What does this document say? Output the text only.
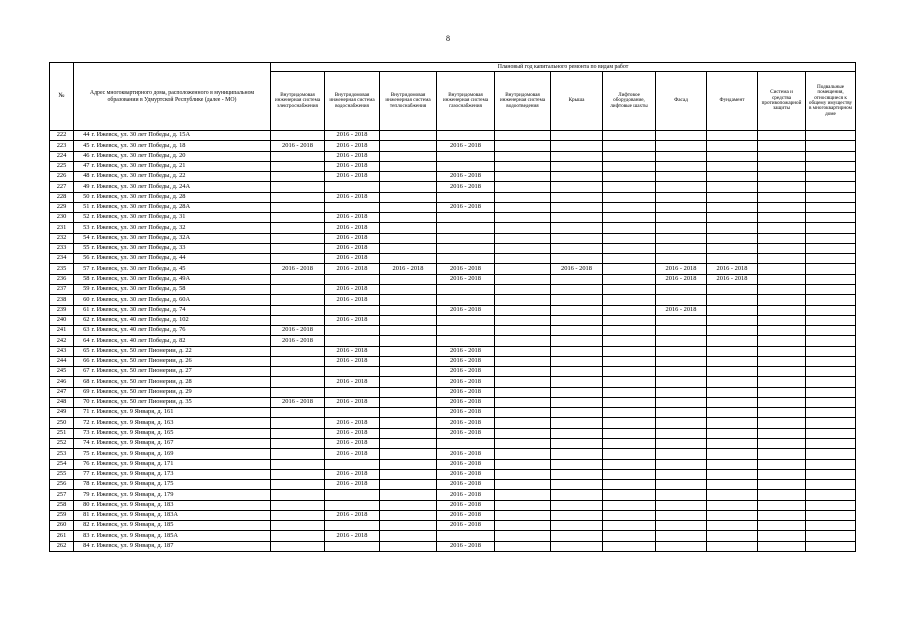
8
№	Адрес многоквартирного дома, расположенного в муниципальном образовании в Удмуртской Республике (далее - МО)		Плановый год капитального ремонта по видам работ										
			Внутридомовая инженерная система электроснабжения	Внутридомовая инженерная система водоснабжения	Внутридомовая инженерная система теплоснабжения	Внутридомовая инженерная система газоснабжения	Внутридомовая инженерная система водоотведения	Крыша	Лифтовое оборудование, лифтовые шахты	Фасад	Фундамент	Система и средства противопожарной защиты	Подвальные помещения, относящиеся к общему имуществу в многоквартирном доме
222	44	г. Ижевск, ул. 30 лет Победы, д. 15А		2016 - 2018									
223	45	г. Ижевск, ул. 30 лет Победы, д. 18	2016 - 2018	2016 - 2018		2016 - 2018							
224	46	г. Ижевск, ул. 30 лет Победы, д. 20		2016 - 2018									
225	47	г. Ижевск, ул. 30 лет Победы, д. 21		2016 - 2018									
226	48	г. Ижевск, ул. 30 лет Победы, д. 22		2016 - 2018		2016 - 2018							
227	49	г. Ижевск, ул. 30 лет Победы, д. 24А				2016 - 2018							
228	50	г. Ижевск, ул. 30 лет Победы, д. 28		2016 - 2018									
229	51	г. Ижевск, ул. 30 лет Победы, д. 28А				2016 - 2018							
230	52	г. Ижевск, ул. 30 лет Победы, д. 31		2016 - 2018									
231	53	г. Ижевск, ул. 30 лет Победы, д. 32		2016 - 2018									
232	54	г. Ижевск, ул. 30 лет Победы, д. 32А		2016 - 2018									
233	55	г. Ижевск, ул. 30 лет Победы, д. 33		2016 - 2018									
234	56	г. Ижевск, ул. 30 лет Победы, д. 44		2016 - 2018									
235	57	г. Ижевск, ул. 30 лет Победы, д. 45	2016 - 2018	2016 - 2018	2016 - 2018	2016 - 2018		2016 - 2018		2016 - 2018	2016 - 2018		
236	58	г. Ижевск, ул. 30 лет Победы, д. 49А				2016 - 2018				2016 - 2018	2016 - 2018		
237	59	г. Ижевск, ул. 30 лет Победы, д. 58		2016 - 2018									
238	60	г. Ижевск, ул. 30 лет Победы, д. 60А		2016 - 2018									
239	61	г. Ижевск, ул. 30 лет Победы, д. 74				2016 - 2018				2016 - 2018			
240	62	г. Ижевск, ул. 40 лет Победы, д. 102		2016 - 2018									
241	63	г. Ижевск, ул. 40 лет Победы, д. 76	2016 - 2018										
242	64	г. Ижевск, ул. 40 лет Победы, д. 82	2016 - 2018										
243	65	г. Ижевск, ул. 50 лет Пионерии, д. 22		2016 - 2018		2016 - 2018							
244	66	г. Ижевск, ул. 50 лет Пионерии, д. 26		2016 - 2018		2016 - 2018							
245	67	г. Ижевск, ул. 50 лет Пионерии, д. 27				2016 - 2018							
246	68	г. Ижевск, ул. 50 лет Пионерии, д. 28		2016 - 2018		2016 - 2018							
247	69	г. Ижевск, ул. 50 лет Пионерии, д. 29				2016 - 2018							
248	70	г. Ижевск, ул. 50 лет Пионерии, д. 35	2016 - 2018	2016 - 2018		2016 - 2018							
249	71	г. Ижевск, ул. 9 Января, д. 161				2016 - 2018							
250	72	г. Ижевск, ул. 9 Января, д. 163		2016 - 2018		2016 - 2018							
251	73	г. Ижевск, ул. 9 Января, д. 165		2016 - 2018		2016 - 2018							
252	74	г. Ижевск, ул. 9 Января, д. 167		2016 - 2018									
253	75	г. Ижевск, ул. 9 Января, д. 169		2016 - 2018		2016 - 2018							
254	76	г. Ижевск, ул. 9 Января, д. 171				2016 - 2018							
255	77	г. Ижевск, ул. 9 Января, д. 173		2016 - 2018		2016 - 2018							
256	78	г. Ижевск, ул. 9 Января, д. 175		2016 - 2018		2016 - 2018							
257	79	г. Ижевск, ул. 9 Января, д. 179				2016 - 2018							
258	80	г. Ижевск, ул. 9 Января, д. 183				2016 - 2018							
259	81	г. Ижевск, ул. 9 Января, д. 183А		2016 - 2018		2016 - 2018							
260	82	г. Ижевск, ул. 9 Января, д. 185				2016 - 2018							
261	83	г. Ижевск, ул. 9 Января, д. 185А		2016 - 2018									
262	84	г. Ижевск, ул. 9 Января, д. 187				2016 - 2018							
